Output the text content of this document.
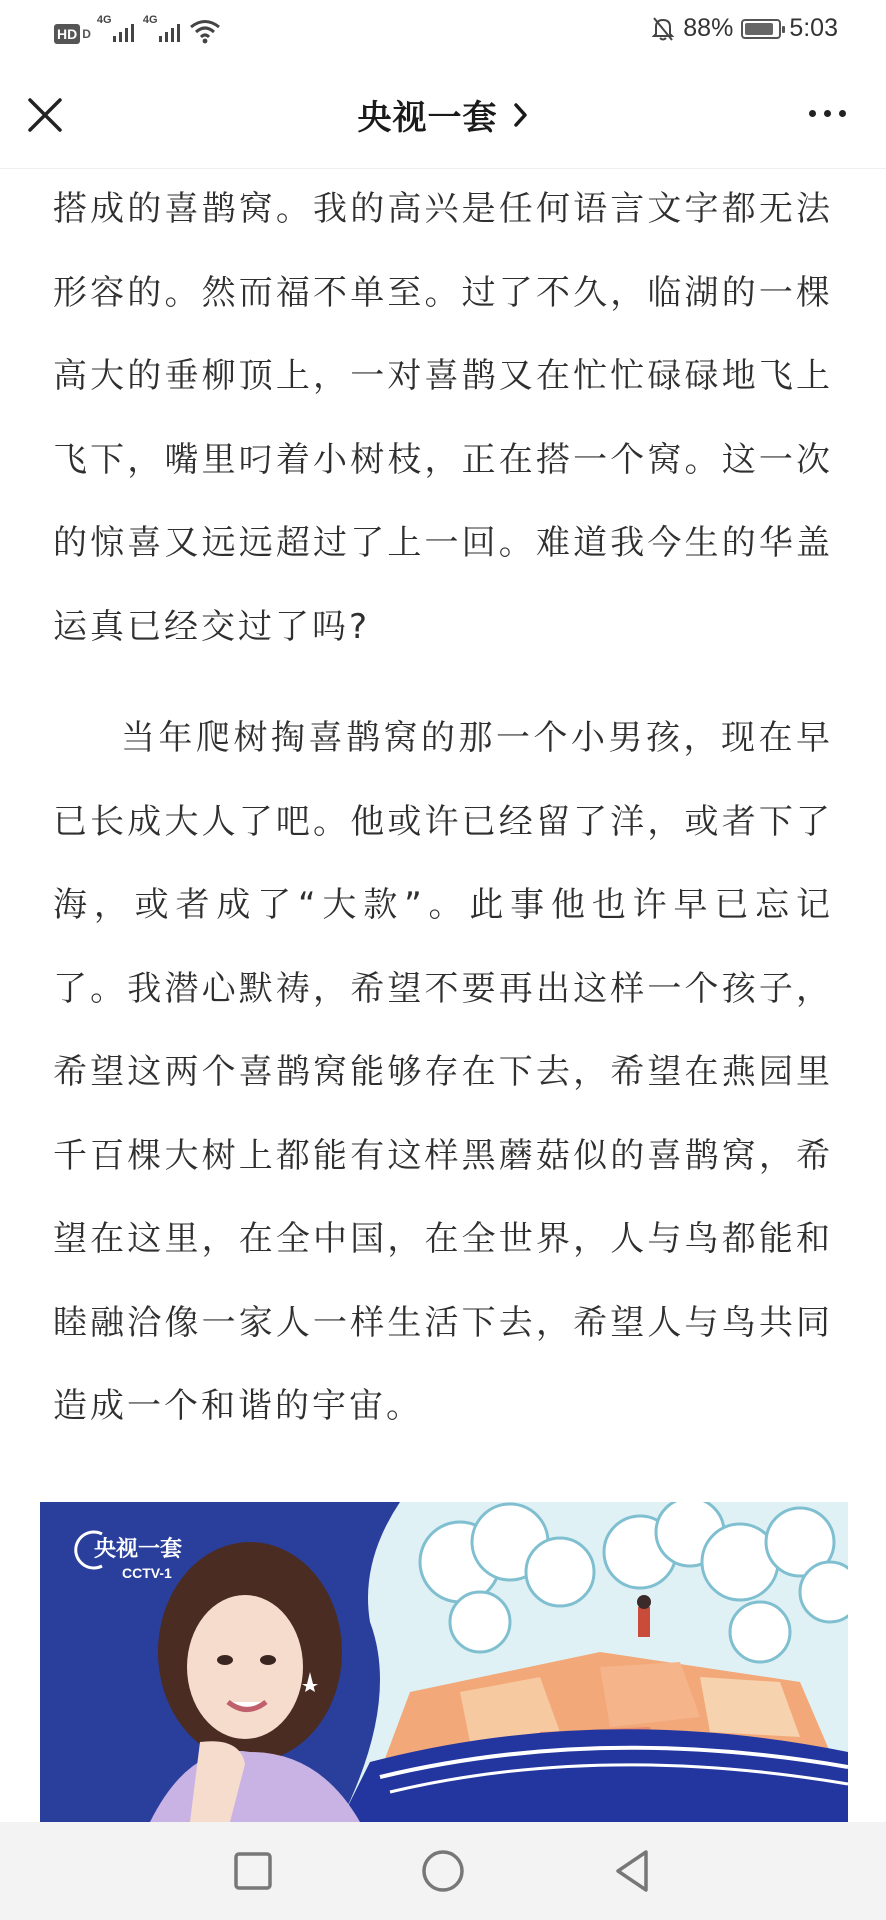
HD D
4G	4G	88% 5:03
央视一套

搭成的喜鹊窝。我的高兴是任何语言文字都无法形容的。然而福不单至。过了不久，临湖的一棵高大的垂柳顶上，一对喜鹊又在忙忙碌碌地飞上飞下，嘴里叼着小树枝，正在搭一个窝。这一次的惊喜又远远超过了上一回。难道我今生的华盖运真已经交过了吗?

当年爬树掏喜鹊窝的那一个小男孩，现在早已长成大人了吧。他或许已经留了洋，或者下了海，或者成了“大款”。此事他也许早已忘记了。我潜心默祷，希望不要再出这样一个孩子，希望这两个喜鹊窝能够存在下去，希望在燕园里千百棵大树上都能有这样黑蘑菇似的喜鹊窝，希望在这里，在全中国，在全世界，人与鸟都能和睦融洽像一家人一样生活下去，希望人与鸟共同造成一个和谐的宇宙。

央视一套
CCTV-1
